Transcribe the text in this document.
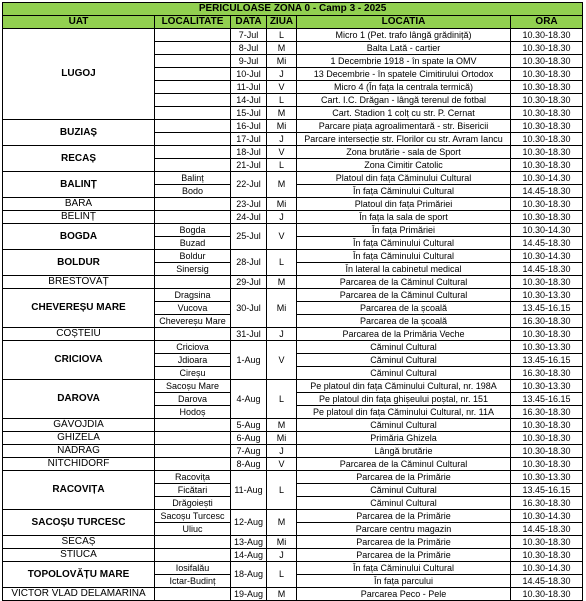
PERICULOASE ZONA 0 - Camp 3 - 2025					
UAT	LOCALITATE	DATA	ZIUA	LOCATIA	ORA
LUGOJ		7-Jul	L	Micro 1 (Pet. trafo lângă grădiniță)	10.30-18.30
		8-Jul	M	Balta Lată - cartier	10.30-18.30
		9-Jul	Mi	1 Decembrie 1918 - în spate la OMV	10.30-18.30
		10-Jul	J	13 Decembrie - în spatele Cimitirului Ortodox	10.30-18.30
		11-Jul	V	Micro 4 (În fața la centrala termică)	10.30-18.30
		14-Jul	L	Cart. I.C. Drăgan - lângă terenul de fotbal	10.30-18.30
		15-Jul	M	Cart. Stadion 1 colț cu str. P. Cernat	10.30-18.30
BUZIAȘ		16-Jul	Mi	Parcare piața agroalimentară - str. Bisericii	10.30-18.30
		17-Jul	J	Parcare intersecție str. Florilor cu str. Avram Iancu	10.30-18.30
RECAȘ		18-Jul	V	Zona brutărie - sala de Sport	10.30-18.30
		21-Jul	L	Zona Cimitir Catolic	10.30-18.30
BALINȚ	Balinț	22-Jul	M	Platoul din fața Căminului Cultural	10.30-14.30
	Bodo			În fața Căminului Cultural	14.45-18.30
BARA		23-Jul	Mi	Platoul din fața Primăriei	10.30-18.30
BELINȚ		24-Jul	J	În fața la sala de sport	10.30-18.30
BOGDA	Bogda	25-Jul	V	În fața Primăriei	10.30-14.30
	Buzad			În fața Căminului Cultural	14.45-18.30
BOLDUR	Boldur	28-Jul	L	În fața Căminului Cultural	10.30-14.30
	Sinersig			În lateral la cabinetul medical	14.45-18.30
BRESTOVĂȚ		29-Jul	M	Parcarea de la Căminul Cultural	10.30-18.30
CHEVEREȘU MARE	Dragsina	30-Jul	Mi	Parcarea de la Căminul Cultural	10.30-13.30
	Vucova			Parcarea de la școală	13.45-16.15
	Chevereșu Mare			Parcarea de la școală	16.30-18.30
COȘTEIU		31-Jul	J	Parcarea de la Primăria Veche	10.30-18.30
CRICIOVA	Criciova	1-Aug	V	Căminul Cultural	10.30-13.30
	Jdioara			Căminul Cultural	13.45-16.15
	Cireșu			Căminul Cultural	16.30-18.30
DAROVA	Sacoșu Mare	4-Aug	L	Pe platoul din fața Căminului Cultural, nr. 198A	10.30-13.30
	Darova			Pe platoul din fața ghișeului poștal, nr. 151	13.45-16.15
	Hodoș			Pe platoul din fața Căminului Cultural, nr. 11A	16.30-18.30
GĂVOJDIA		5-Aug	M	Căminul Cultural	10.30-18.30
GHIZELA		6-Aug	Mi	Primăria Ghizela	10.30-18.30
NĂDRAG		7-Aug	J	Lângă brutărie	10.30-18.30
NITCHIDORF		8-Aug	V	Parcarea de la Căminul Cultural	10.30-18.30
RACOVIȚA	Racovița	11-Aug	L	Parcarea de la Primărie	10.30-13.30
	Ficătari			Căminul Cultural	13.45-16.15
	Drăgoiești			Căminul Cultural	16.30-18.30
SACOȘU TURCESC	Sacoșu Turcesc	12-Aug	M	Parcarea de la Primărie	10.30-14.30
	Uliuc			Parcare centru magazin	14.45-18.30
SECAȘ		13-Aug	Mi	Parcarea de la Primărie	10.30-18.30
STIUCA		14-Aug	J	Parcarea de la Primărie	10.30-18.30
TOPOLOVĂȚU MARE	Iosifalău	18-Aug	L	În fața Căminului Cultural	10.30-14.30
	Ictar-Budinț			În fața parcului	14.45-18.30
VICTOR VLAD DELAMARINA		19-Aug	M	Parcarea Peco - Pele	10.30-18.30
